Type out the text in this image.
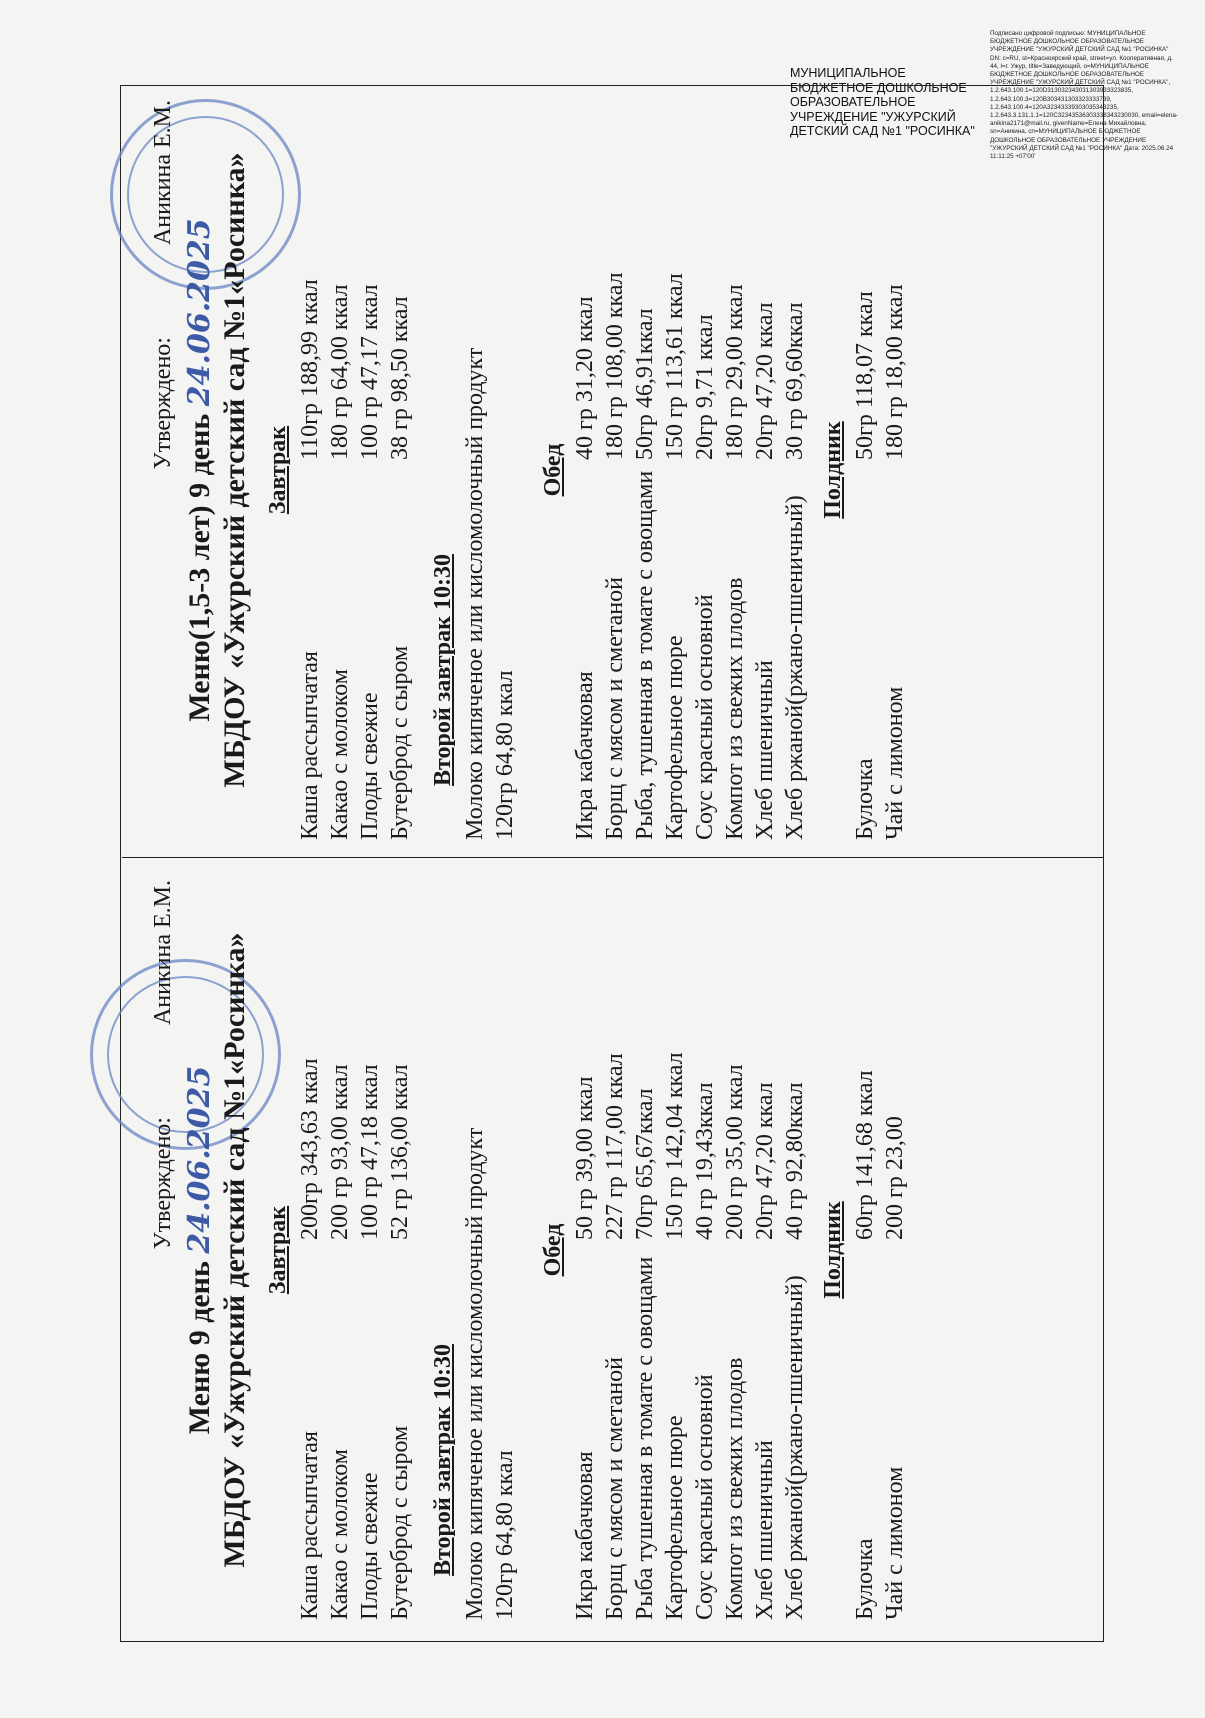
МУНИЦИПАЛЬНОЕ БЮДЖЕТНОЕ ДОШКОЛЬНОЕ ОБРАЗОВАТЕЛЬНОЕ УЧРЕЖДЕНИЕ "УЖУРСКИЙ ДЕТСКИЙ САД №1 "РОСИНКА"
Подписано цифровой подписью: МУНИЦИПАЛЬНОЕ БЮДЖЕТНОЕ ДОШКОЛЬНОЕ ОБРАЗОВАТЕЛЬНОЕ УЧРЕЖДЕНИЕ "УЖУРСКИЙ ДЕТСКИЙ САД №1 "РОСИНКА" DN: c=RU, st=Красноярский край, street=ул. Кооперативная, д. 44, l=г. Ужур, title=Заведующий, o=МУНИЦИПАЛЬНОЕ БЮДЖЕТНОЕ ДОШКОЛЬНОЕ ОБРАЗОВАТЕЛЬНОЕ УЧРЕЖДЕНИЕ "УЖУРСКИЙ ДЕТСКИЙ САД №1 "РОСИНКА", 1.2.643.100.1=120D313032343031303933323835, 1.2.643.100.3=120B303431303323333739, 1.2.643.100.4=120A32343339303035343235, 1.2.643.3.131.1.1=120C32343536303338343230030, email=elena-anikina2171@mail.ru, givenName=Елена Михайловна, sn=Аникина, cn=МУНИЦИПАЛЬНОЕ БЮДЖЕТНОЕ ДОШКОЛЬНОЕ ОБРАЗОВАТЕЛЬНОЕ УЧРЕЖДЕНИЕ "УЖУРСКИЙ ДЕТСКИЙ САД №1 "РОСИНКА" Дата: 2025.06.24 11:11:25 +07'00'
Утверждено:  Аникина Е.М.
Меню(1,5-3 лет) 9 день 24.06.2025 МБДОУ «Ужурский детский сад №1«Росинка» Завтрак
Каша рассыпчатая
110гр 188,99 ккал
Какао с молоком
180 гр 64,00 ккал
Плоды свежие
100 гр 47,17 ккал
Бутерброд с сыром
38 гр 98,50 ккал
Второй завтрак 10:30 Молоко кипяченое или кисломолочный продукт 120гр 64,80 ккал
Обед
Икра кабачковая
40 гр 31,20 ккал
Борщ с мясом и сметаной
180 гр 108,00 ккал
Рыба, тушенная в томате с овощами
50гр 46,91ккал
Картофельное пюре
150 гр 113,61 ккал
Соус красный основной
20гр 9,71 ккал
Компот из свежих плодов
180 гр 29,00 ккал
Хлеб пшеничный
20гр 47,20 ккал
Хлеб ржаной(ржано-пшеничный)
30 гр 69,60ккал
Полдник
Булочка
50гр 118,07 ккал
Чай с лимоном
180 гр 18,00 ккал
Утверждено:  Аникина Е.М.
Меню 9 день 24.06.2025 МБДОУ «Ужурский детский сад №1«Росинка» Завтрак
Каша рассыпчатая
200гр 343,63 ккал
Какао с молоком
200 гр 93,00 ккал
Плоды свежие
100 гр 47,18 ккал
Бутерброд с сыром
52 гр 136,00 ккал
Второй завтрак 10:30 Молоко кипяченое или кисломолочный продукт 120гр 64,80 ккал
Обед
Икра кабачковая
50 гр 39,00 ккал
Борщ с мясом и сметаной
227 гр 117,00 ккал
Рыба тушенная в томате с овощами
70гр 65,67ккал
Картофельное пюре
150 гр 142,04 ккал
Соус красный основной
40 гр 19,43ккал
Компот из свежих плодов
200 гр 35,00 ккал
Хлеб пшеничный
20гр 47,20 ккал
Хлеб ржаной(ржано-пшеничный)
40 гр 92,80ккал
Полдник
Булочка
60гр 141,68 ккал
Чай с лимоном
200 гр 23,00
